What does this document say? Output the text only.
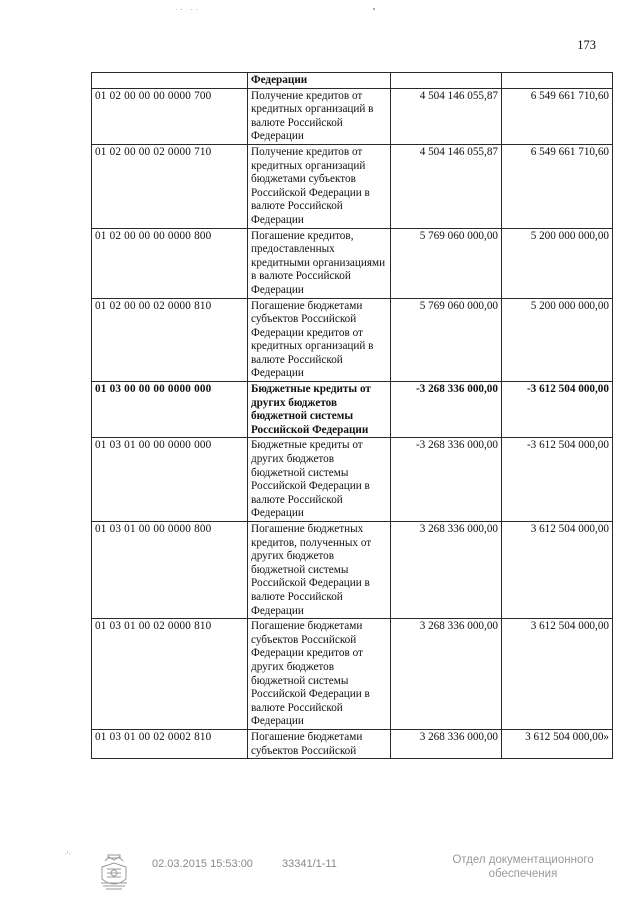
·· ··
173
	Федерации		
01 02 00 00 00 0000 700	Получение кредитов от кредитных организаций в валюте Российской Федерации	4 504 146 055,87	6 549 661 710,60
01 02 00 00 02 0000 710	Получение кредитов от кредитных организаций бюджетами субъектов Российской Федерации в валюте Российской Федерации	4 504 146 055,87	6 549 661 710,60
01 02 00 00 00 0000 800	Погашение кредитов, предоставленных кредитными организациями в валюте Российской Федерации	5 769 060 000,00	5 200 000 000,00
01 02 00 00 02 0000 810	Погашение бюджетами субъектов Российской Федерации кредитов от кредитных организаций в валюте Российской Федерации	5 769 060 000,00	5 200 000 000,00
01 03 00 00 00 0000 000	Бюджетные кредиты от других бюджетов бюджетной системы Российской Федерации	-3 268 336 000,00	-3 612 504 000,00
01 03 01 00 00 0000 000	Бюджетные кредиты от других бюджетов бюджетной системы Российской Федерации в валюте Российской Федерации	-3 268 336 000,00	-3 612 504 000,00
01 03 01 00 00 0000 800	Погашение бюджетных кредитов, полученных от других бюджетов бюджетной системы Российской Федерации в валюте Российской Федерации	3 268 336 000,00	3 612 504 000,00
01 03 01 00 02 0000 810	Погашение бюджетами субъектов Российской Федерации кредитов от других бюджетов бюджетной системы Российской Федерации в валюте Российской Федерации	3 268 336 000,00	3 612 504 000,00
01 03 01 00 02 0002 810	Погашение бюджетами субъектов Российской	3 268 336 000,00	3 612 504 000,00»
·'·
02.03.2015 15:53:00	33341/1-11	Отдел документационного
обеспечения
